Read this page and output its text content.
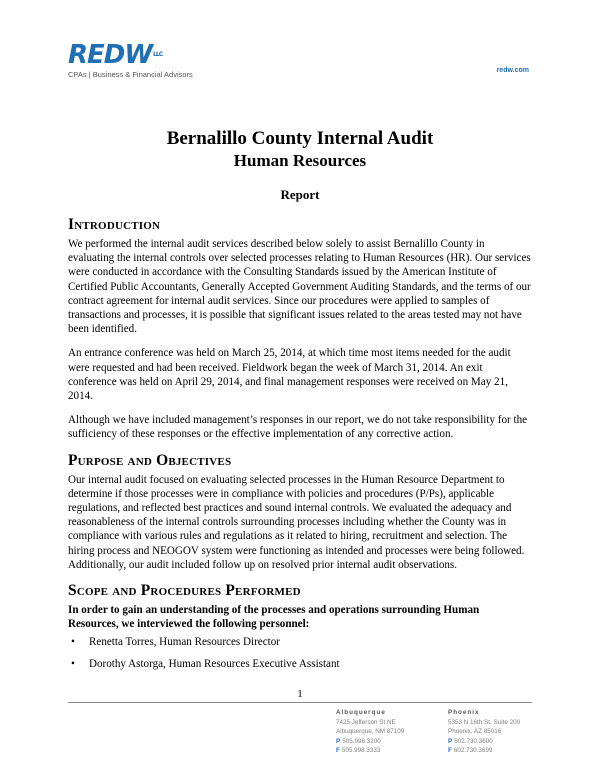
$REDW^{LLC}$
CPAs | Business & Financial Advisors	redw.com
Bernalillo County Internal Audit
Human Resources
Report
Introduction

We performed the internal audit services described below solely to assist Bernalillo County in evaluating the internal controls over selected processes relating to Human Resources (HR). Our services were conducted in accordance with the Consulting Standards issued by the American Institute of Certified Public Accountants, Generally Accepted Government Auditing Standards, and the terms of our contract agreement for internal audit services. Since our procedures were applied to samples of transactions and processes, it is possible that significant issues related to the areas tested may not have been identified.

An entrance conference was held on March 25, 2014, at which time most items needed for the audit were requested and had been received. Fieldwork began the week of March 31, 2014. An exit conference was held on April 29, 2014, and final management responses were received on May 21, 2014.

Although we have included management’s responses in our report, we do not take responsibility for the sufficiency of these responses or the effective implementation of any corrective action.

Purpose and Objectives

Our internal audit focused on evaluating selected processes in the Human Resource Department to determine if those processes were in compliance with policies and procedures (P/Ps), applicable regulations, and reflected best practices and sound internal controls. We evaluated the adequacy and reasonableness of the internal controls surrounding processes including whether the County was in compliance with various rules and regulations as it related to hiring, recruitment and selection. The hiring process and NEOGOV system were functioning as intended and processes were being followed. Additionally, our audit included follow up on resolved prior internal audit observations.

Scope and Procedures Performed

In order to gain an understanding of the processes and operations surrounding Human Resources, we interviewed the following personnel:

• Renetta Torres, Human Resources Director
• Dorothy Astorga, Human Resources Executive Assistant
1
Albuquerque
7425 Jefferson St NE
Albuquerque, NM 87109
P 505.998.3200
F 505.998.3333
Phoenix
5353 N 16th St, Suite 200
Phoenix, AZ 85016
P 602.730.3600
F 602.730.3699
